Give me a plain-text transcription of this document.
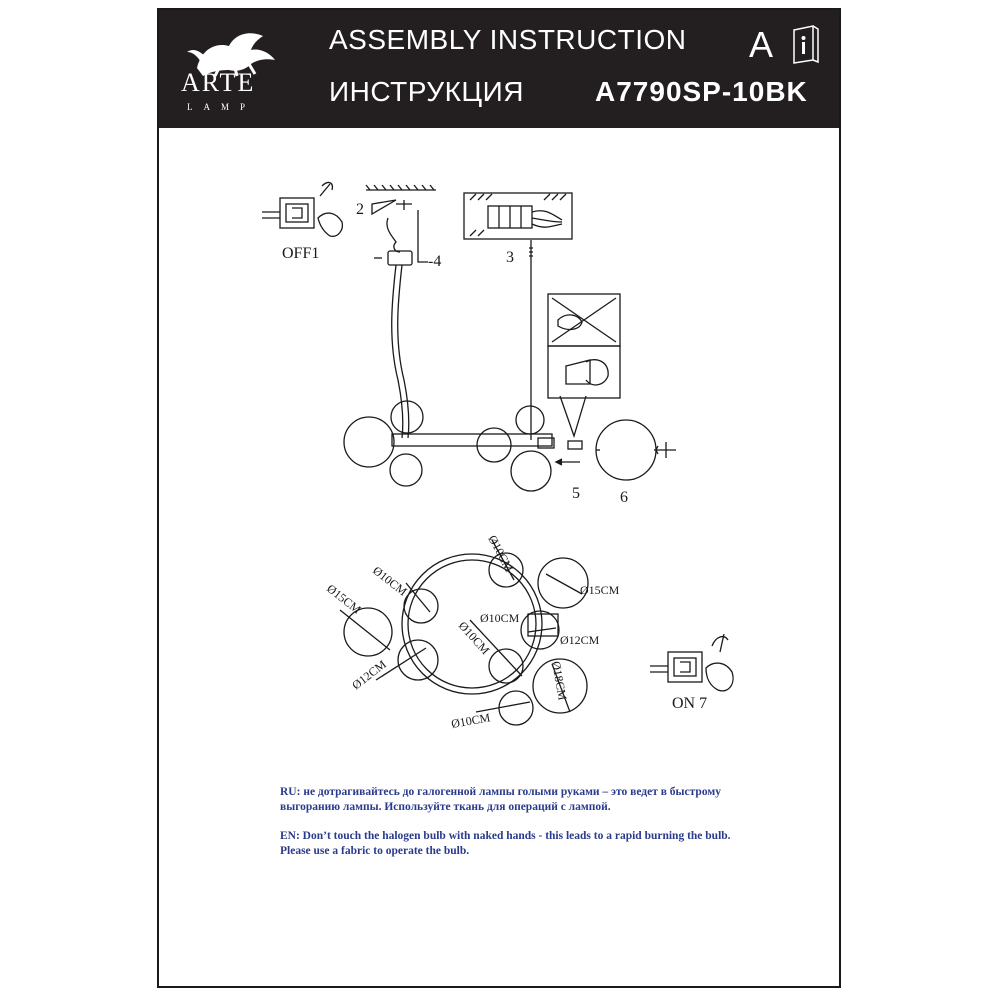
ARTE
LAMP
ASSEMBLY INSTRUCTION
ИНСТРУКЦИЯ	A7790SP-10BK
A
OFF1
2
3
-4
5	6
ON 7
Ø10CM
Ø15CM
Ø12CM
Ø10CM
Ø15CM
Ø10CM
Ø12CM
Ø10CM
Ø18CM
Ø10CM
RU: не дотрагивайтесь до галогенной лампы голыми руками – это ведет в быстрому выгоранию лампы. Используйте ткань для операций с лампой.
EN: Don’t touch the halogen bulb with naked hands - this leads to a rapid burning the bulb. Please use a fabric to operate the bulb.
